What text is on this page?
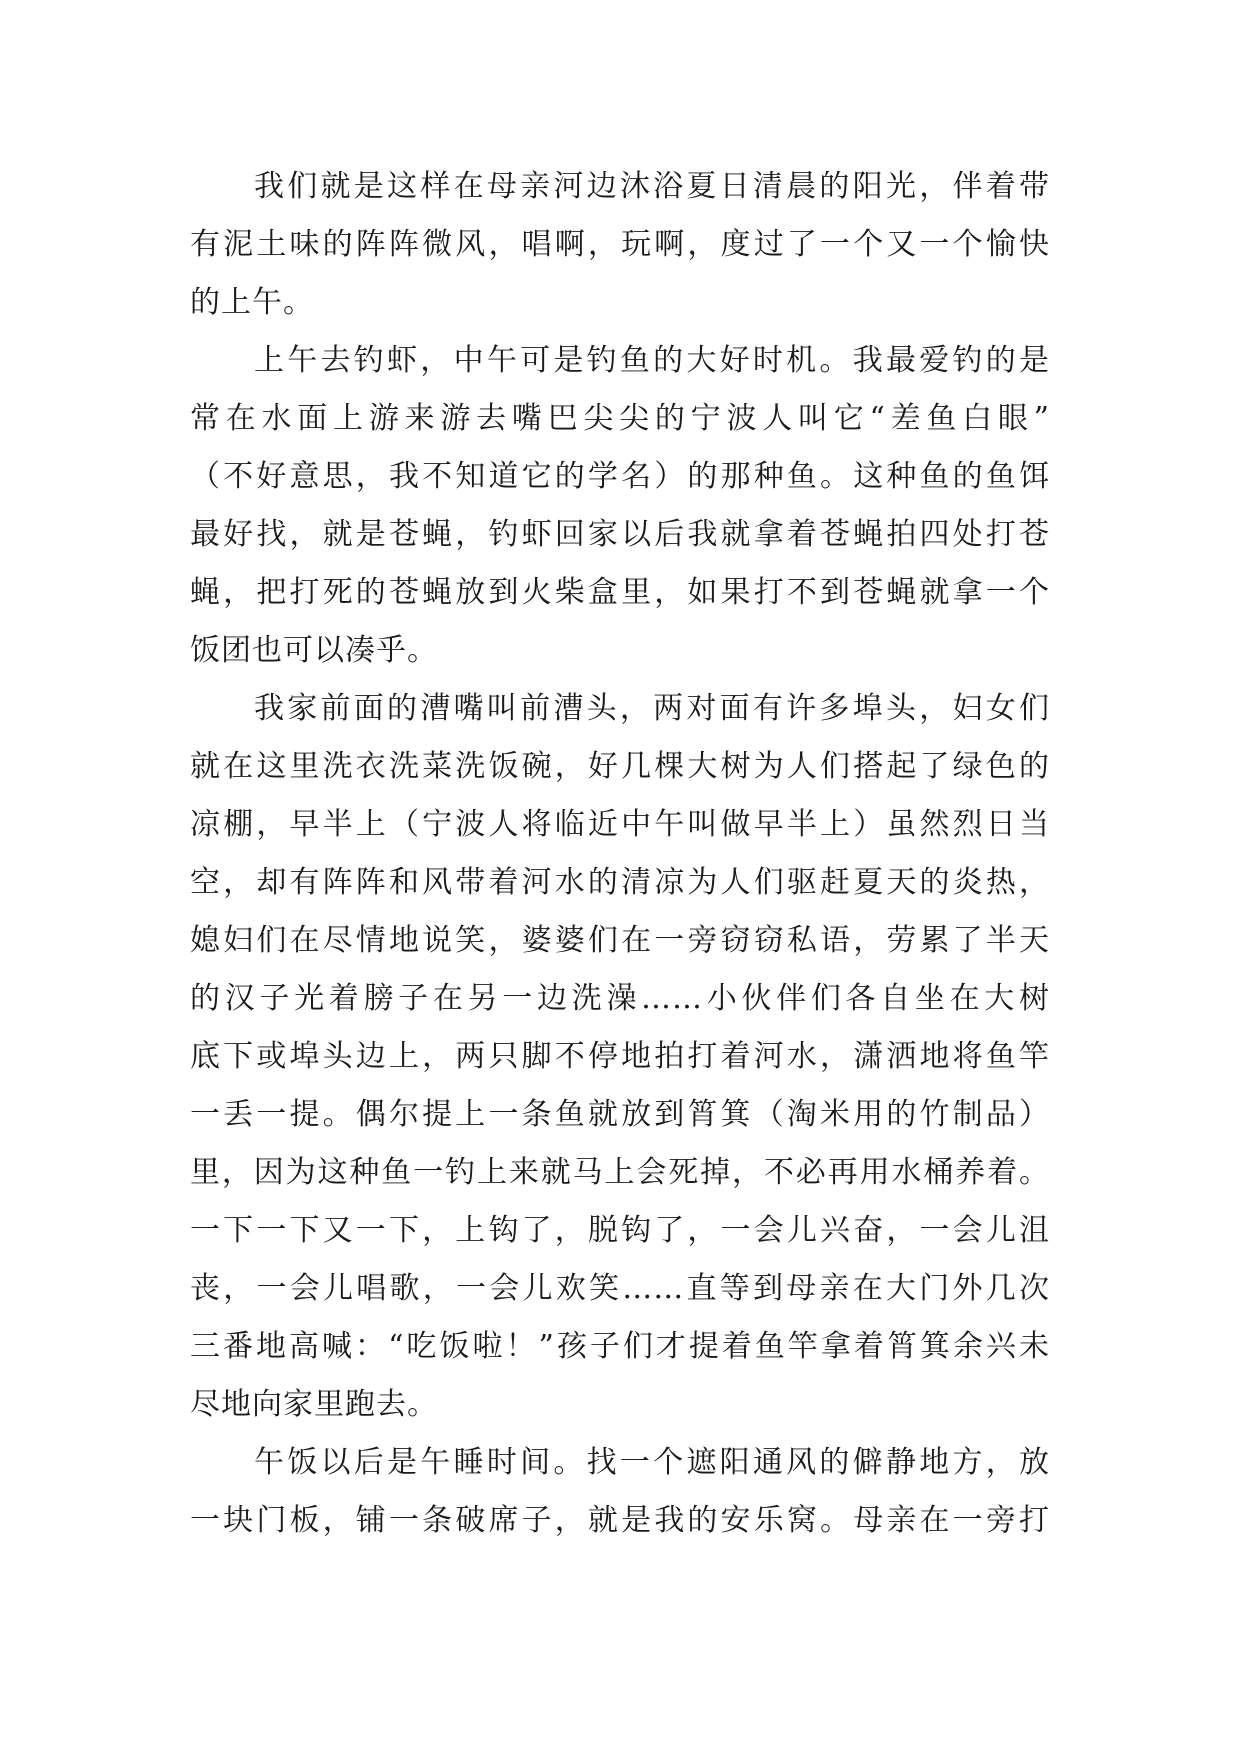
我们就是这样在母亲河边沐浴夏日清晨的阳光，伴着带
有泥土味的阵阵微风，唱啊，玩啊，度过了一个又一个愉快
的上午。
上午去钓虾，中午可是钓鱼的大好时机。我最爱钓的是
常在水面上游来游去嘴巴尖尖的宁波人叫它“差鱼白眼”
（不好意思，我不知道它的学名）的那种鱼。这种鱼的鱼饵
最好找，就是苍蝇，钓虾回家以后我就拿着苍蝇拍四处打苍
蝇，把打死的苍蝇放到火柴盒里，如果打不到苍蝇就拿一个
饭团也可以凑乎。
我家前面的漕嘴叫前漕头，两对面有许多埠头，妇女们
就在这里洗衣洗菜洗饭碗，好几棵大树为人们搭起了绿色的
凉棚，早半上（宁波人将临近中午叫做早半上）虽然烈日当
空，却有阵阵和风带着河水的清凉为人们驱赶夏天的炎热，
媳妇们在尽情地说笑，婆婆们在一旁窃窃私语，劳累了半天
的汉子光着膀子在另一边洗澡……小伙伴们各自坐在大树
底下或埠头边上，两只脚不停地拍打着河水，潇洒地将鱼竿
一丢一提。偶尔提上一条鱼就放到筲箕（淘米用的竹制品）
里，因为这种鱼一钓上来就马上会死掉，不必再用水桶养着。
一下一下又一下，上钩了，脱钩了，一会儿兴奋，一会儿沮
丧，一会儿唱歌，一会儿欢笑……直等到母亲在大门外几次
三番地高喊：“吃饭啦！”孩子们才提着鱼竿拿着筲箕余兴未
尽地向家里跑去。
午饭以后是午睡时间。找一个遮阳通风的僻静地方，放
一块门板，铺一条破席子，就是我的安乐窝。母亲在一旁打
